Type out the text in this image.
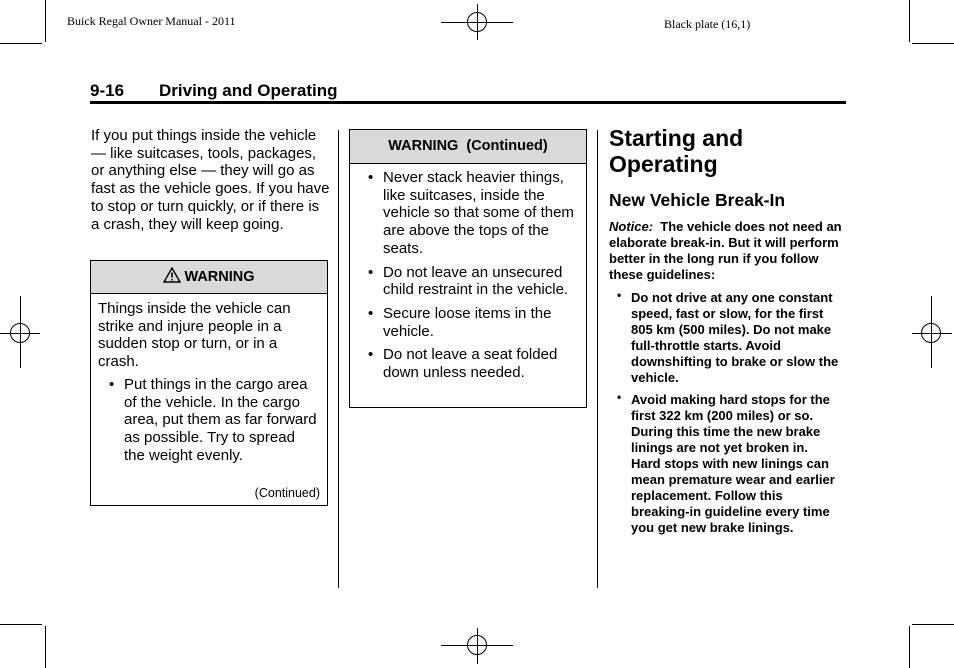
Buick Regal Owner Manual - 2011	Black plate (16,1)
9-16 Driving and Operating
If you put things inside the vehicle — like suitcases, tools, packages, or anything else — they will go as fast as the vehicle goes. If you have to stop or turn quickly, or if there is a crash, they will keep going.
WARNING
Things inside the vehicle can strike and injure people in a sudden stop or turn, or in a crash.
• Put things in the cargo area of the vehicle. In the cargo area, put them as far forward as possible. Try to spread the weight evenly.
(Continued)
WARNING  (Continued)
• Never stack heavier things, like suitcases, inside the vehicle so that some of them are above the tops of the seats.
• Do not leave an unsecured child restraint in the vehicle.
• Secure loose items in the vehicle.
• Do not leave a seat folded down unless needed.
Starting and Operating
New Vehicle Break-In
Notice: The vehicle does not need an elaborate break-in. But it will perform better in the long run if you follow these guidelines:
• Do not drive at any one constant speed, fast or slow, for the first 805 km (500 miles). Do not make full-throttle starts. Avoid downshifting to brake or slow the vehicle.
• Avoid making hard stops for the first 322 km (200 miles) or so. During this time the new brake linings are not yet broken in. Hard stops with new linings can mean premature wear and earlier replacement. Follow this breaking-in guideline every time you get new brake linings.
